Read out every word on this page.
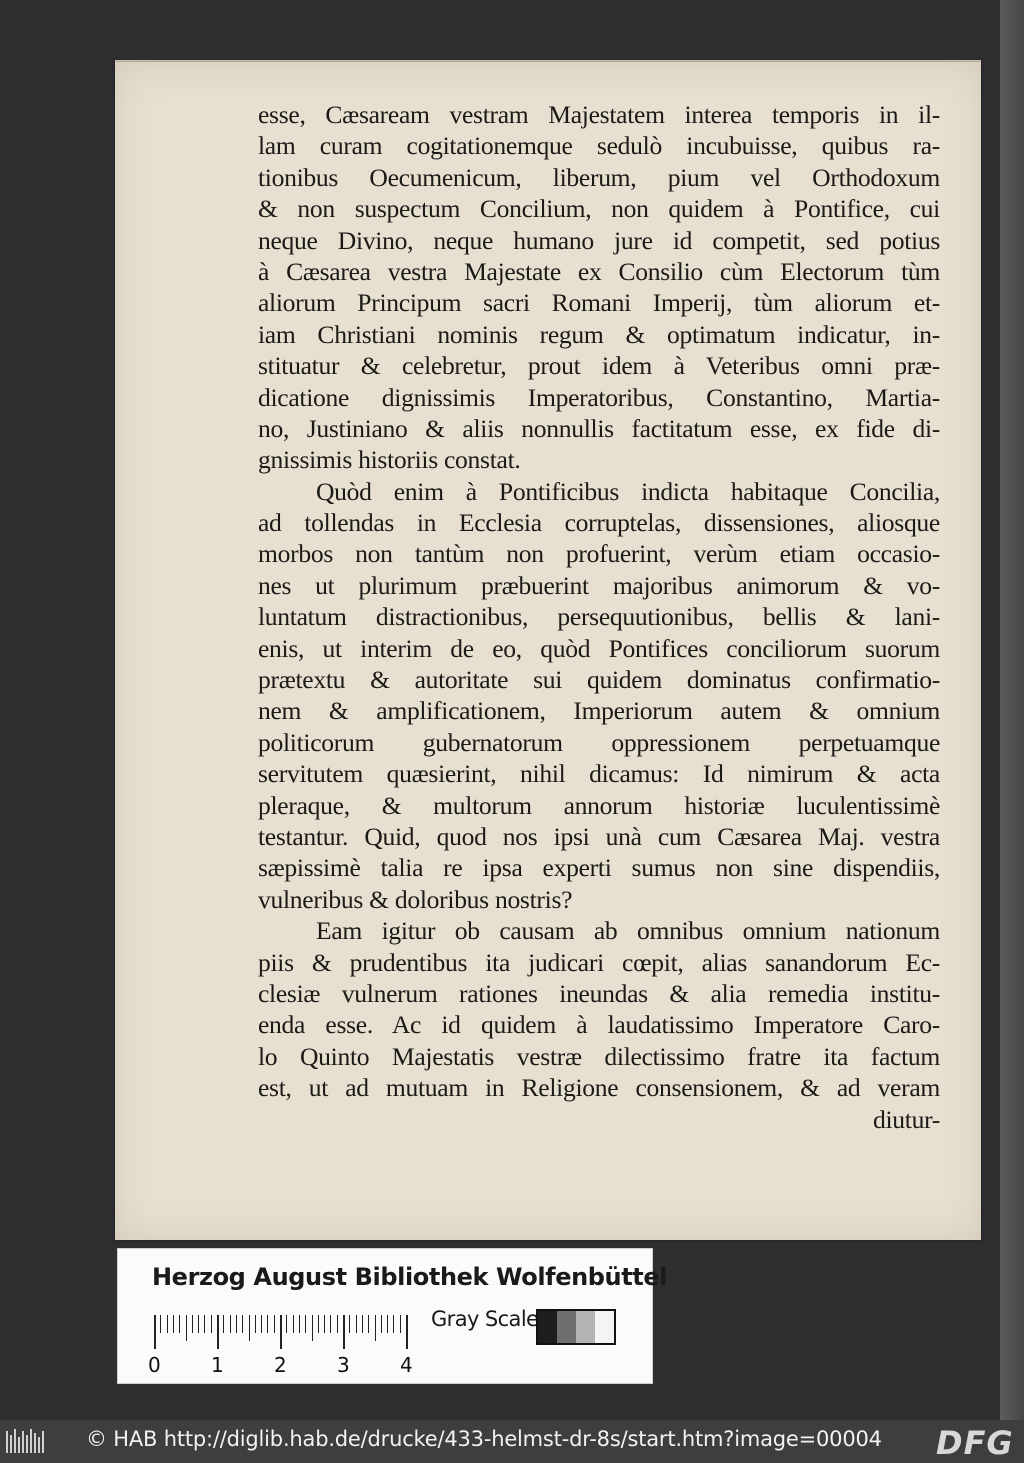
esse, Cæsaream vestram Majestatem interea temporis in il-
lam curam cogitationemque sedulò incubuisse, quibus ra-
tionibus Oecumenicum, liberum, pium vel Orthodoxum
& non suspectum Concilium, non quidem à Pontifice, cui
neque Divino, neque humano jure id competit, sed potius
à Cæsarea vestra Majestate ex Consilio cùm Electorum tùm
aliorum Principum sacri Romani Imperij, tùm aliorum et-
iam Christiani nominis regum & optimatum indicatur, in-
stituatur & celebretur, prout idem à Veteribus omni præ-
dicatione dignissimis Imperatoribus, Constantino, Martia-
no, Justiniano & aliis nonnullis factitatum esse, ex fide di-
gnissimis historiis constat.
Quòd enim à Pontificibus indicta habitaque Concilia,
ad tollendas in Ecclesia corruptelas, dissensiones, aliosque
morbos non tantùm non profuerint, verùm etiam occasio-
nes ut plurimum præbuerint majoribus animorum & vo-
luntatum distractionibus, persequutionibus, bellis & lani-
enis, ut interim de eo, quòd Pontifices conciliorum suorum
prætextu & autoritate sui quidem dominatus confirmatio-
nem & amplificationem, Imperiorum autem & omnium
politicorum gubernatorum oppressionem perpetuamque
servitutem quæsierint, nihil dicamus: Id nimirum & acta
pleraque, & multorum annorum historiæ luculentissimè
testantur. Quid, quod nos ipsi unà cum Cæsarea Maj. vestra
sæpissimè talia re ipsa experti sumus non sine dispendiis,
vulneribus & doloribus nostris?
Eam igitur ob causam ab omnibus omnium nationum
piis & prudentibus ita judicari cœpit, alias sanandorum Ec-
clesiæ vulnerum rationes ineundas & alia remedia institu-
enda esse. Ac id quidem à laudatissimo Imperatore Caro-
lo Quinto Majestatis vestræ dilectissimo fratre ita factum
est, ut ad mutuam in Religione consensionem, & ad veram
diutur-
Herzog August Bibliothek Wolfenbüttel
0	1	2	3	4
Gray Scale
© HAB http://diglib.hab.de/drucke/433-helmst-dr-8s/start.htm?image=00004 DFG
